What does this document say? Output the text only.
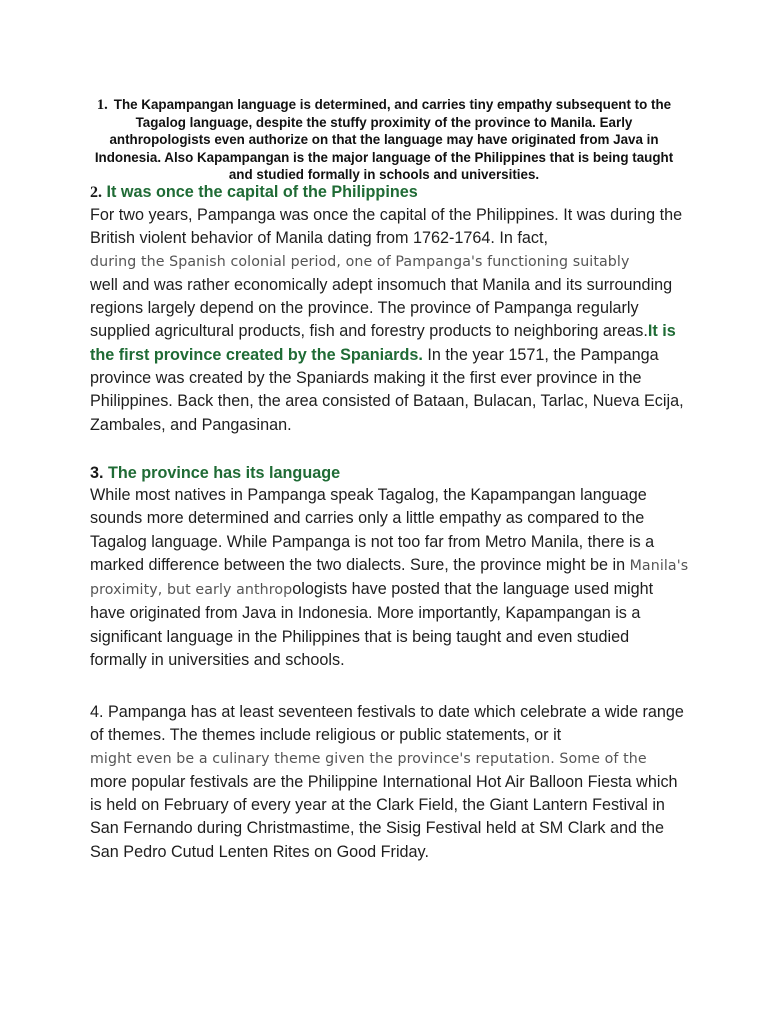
1. The Kapampangan language is determined, and carries tiny empathy subsequent to the Tagalog language, despite the stuffy proximity of the province to Manila. Early anthropologists even authorize on that the language may have originated from Java in Indonesia. Also Kapampangan is the major language of the Philippines that is being taught and studied formally in schools and universities.
2. It was once the capital of the Philippines
For two years, Pampanga was once the capital of the Philippines. It was during the British violent behavior of Manila dating from 1762-1764. In fact,
during the Spanish colonial period, one of Pampanga's functioning suitably
well and was rather economically adept insomuch that Manila and its surrounding regions largely depend on the province. The province of Pampanga regularly supplied agricultural products, fish and forestry products to neighboring areas.It is the first province created by the Spaniards. In the year 1571, the Pampanga province was created by the Spaniards making it the first ever province in the Philippines. Back then, the area consisted of Bataan, Bulacan, Tarlac, Nueva Ecija, Zambales, and Pangasinan.
3. The province has its language
While most natives in Pampanga speak Tagalog, the Kapampangan language sounds more determined and carries only a little empathy as compared to the Tagalog language. While Pampanga is not too far from Metro Manila, there is a marked difference between the two dialects. Sure, the province might be in Manila's proximity, but early anthropologists have posted that the language used might have originated from Java in Indonesia. More importantly, Kapampangan is a significant language in the Philippines that is being taught and even studied formally in universities and schools.
4. Pampanga has at least seventeen festivals to date which celebrate a wide range of themes. The themes include religious or public statements, or it
might even be a culinary theme given the province's reputation. Some of the
more popular festivals are the Philippine International Hot Air Balloon Fiesta which is held on February of every year at the Clark Field, the Giant Lantern Festival in San Fernando during Christmastime, the Sisig Festival held at SM Clark and the San Pedro Cutud Lenten Rites on Good Friday.
